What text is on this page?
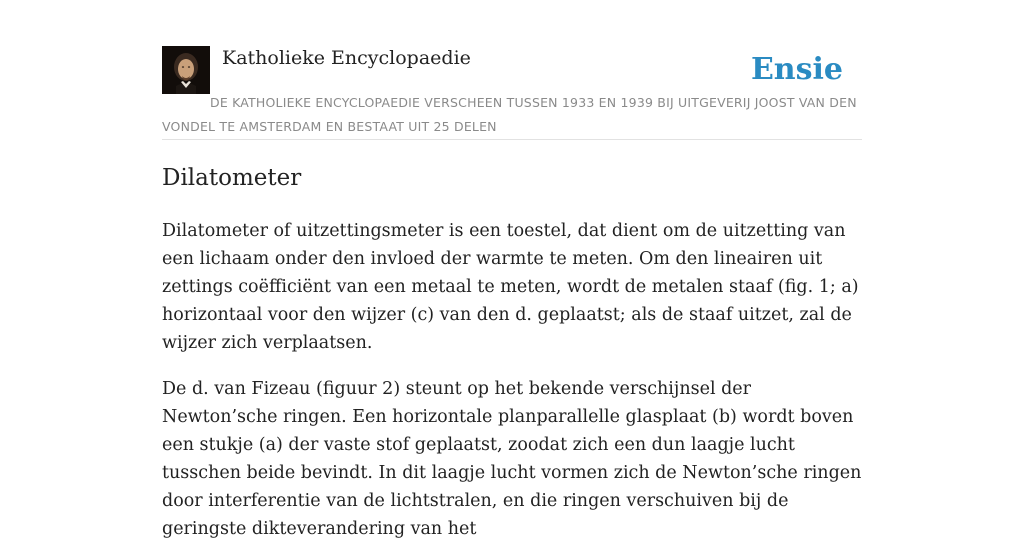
Katholieke Encyclopaedie	Ensie
DE KATHOLIEKE ENCYCLOPAEDIE VERSCHEEN TUSSEN 1933 EN 1939 BIJ UITGEVERIJ JOOST VAN DEN VONDEL TE AMSTERDAM EN BESTAAT UIT 25 DELEN
Dilatometer

Dilatometer of uitzettingsmeter is een toestel, dat dient om de uitzetting van een lichaam onder den invloed der warmte te meten. Om den lineairen uit zettings coëfficiënt van een metaal te meten, wordt de metalen staaf (fig. 1; a) horizontaal voor den wijzer (c) van den d. geplaatst; als de staaf uitzet, zal de wijzer zich verplaatsen.

De d. van Fizeau (figuur 2) steunt op het bekende verschijnsel der Newton’sche ringen. Een horizontale planparallelle glasplaat (b) wordt boven een stukje (a) der vaste stof geplaatst, zoodat zich een dun laagje lucht tusschen beide bevindt. In dit laagje lucht vormen zich de Newton’sche ringen door interferentie van de lichtstralen, en die ringen verschuiven bij de geringste dikteverandering van het
